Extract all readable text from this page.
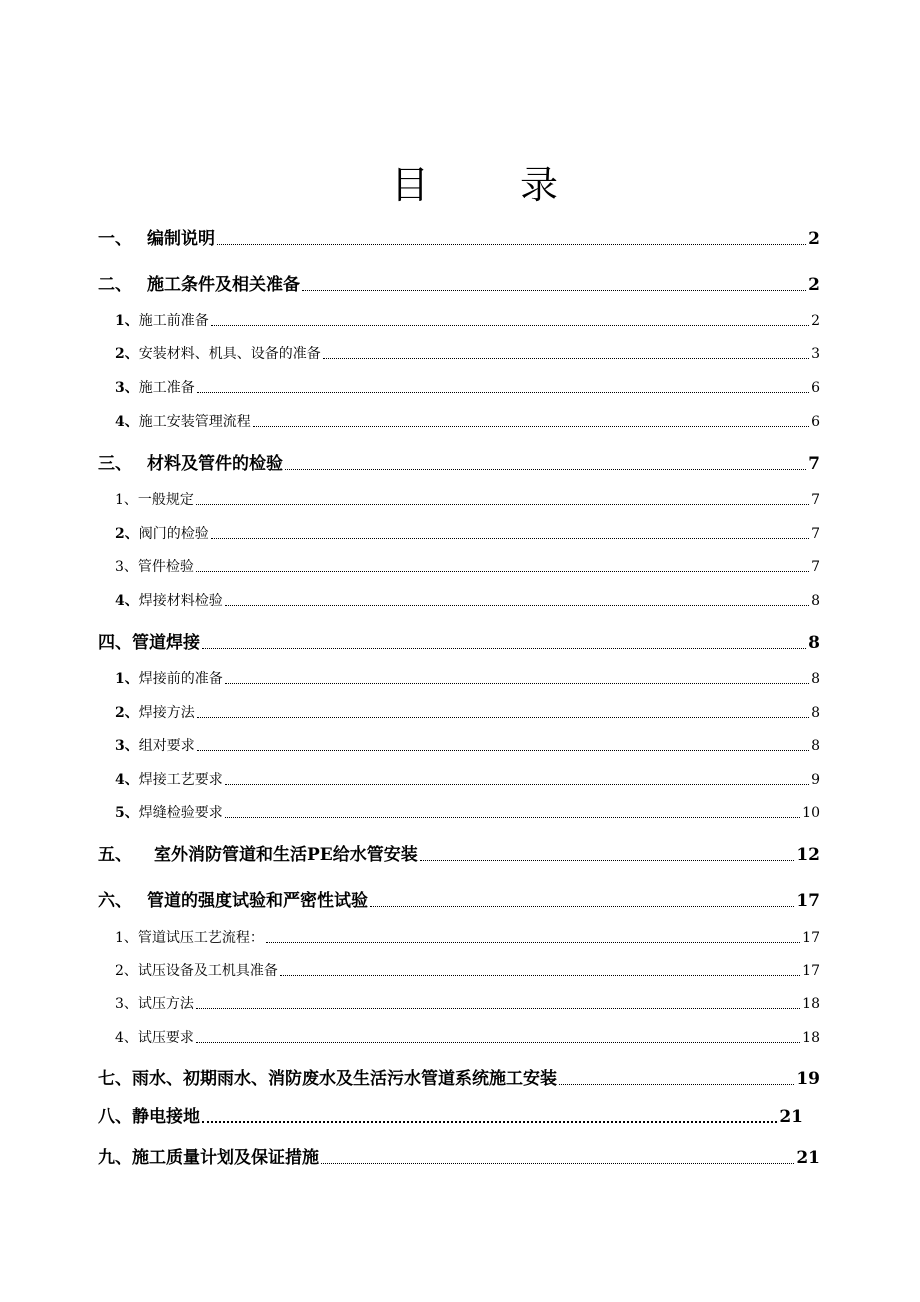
目 录
一、 编制说明	2
二、 施工条件及相关准备	2
1、 施工前准备	2
2、 安装材料、机具、设备的准备	3
3、 施工准备	6
4、 施工安装管理流程	6
三、 材料及管件的检验	7
1、 一般规定	7
2、 阀门的检验	7
3、 管件检验	7
4、 焊接材料检验	8
四、 管道焊接	8
1、 焊接前的准备	8
2、 焊接方法	8
3、 组对要求	8
4、 焊接工艺要求	9
5、 焊缝检验要求	10
五、 室外消防管道和生活PE给水管安装	12
六、 管道的强度试验和严密性试验	17
1、 管道试压工艺流程：	17
2、 试压设备及工机具准备	17
3、 试压方法	18
4、 试压要求	18
七、 雨水、初期雨水、消防废水及生活污水管道系统施工安装	19
八、 静电接地	21
九、 施工质量计划及保证措施	21
